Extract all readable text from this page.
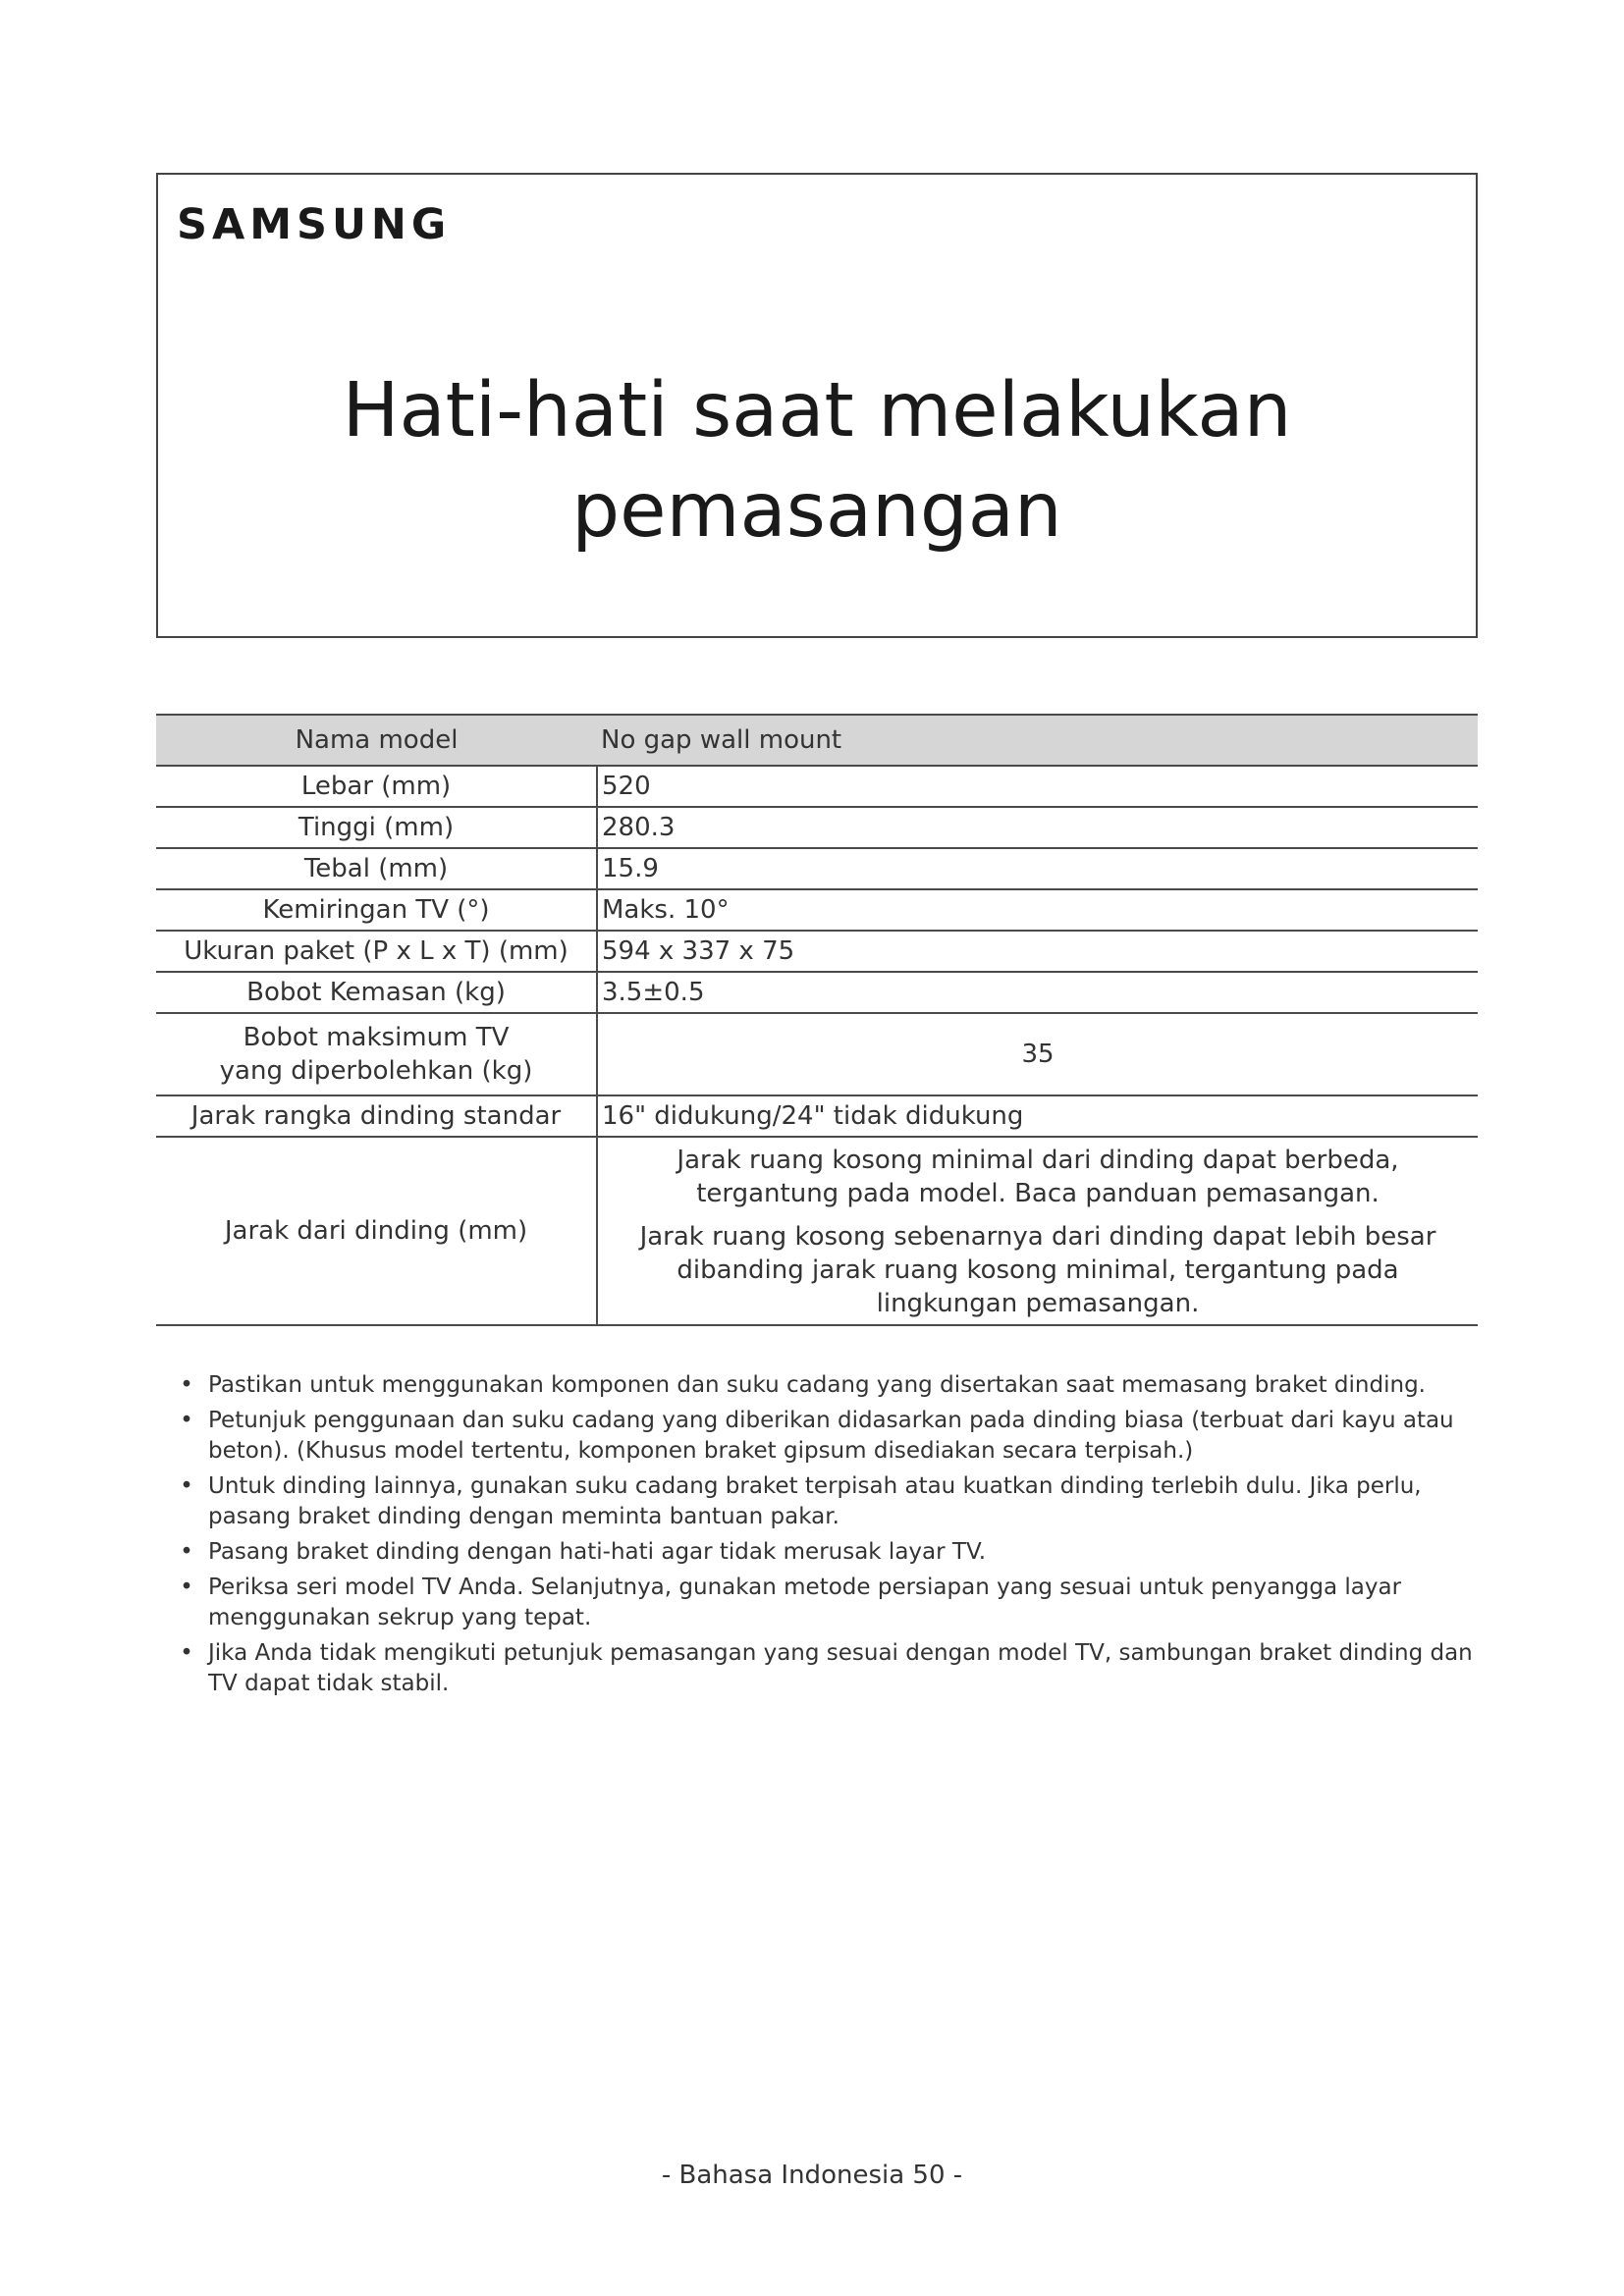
SAMSUNG
Hati-hati saat melakukan
pemasangan
Nama model	No gap wall mount
Lebar (mm)	520
Tinggi (mm)	280.3
Tebal (mm)	15.9
Kemiringan TV (°)	Maks. 10°
Ukuran paket (P x L x T) (mm)	594 x 337 x 75
Bobot Kemasan (kg)	3.5±0.5
Bobot maksimum TV yang diperbolehkan (kg)	35
Jarak rangka dinding standar	16" didukung/24" tidak didukung
Jarak dari dinding (mm)	Jarak ruang kosong minimal dari dinding dapat berbeda, tergantung pada model. Baca panduan pemasangan.

Jarak ruang kosong sebenarnya dari dinding dapat lebih besar dibanding jarak ruang kosong minimal, tergantung pada lingkungan pemasangan.

• Pastikan untuk menggunakan komponen dan suku cadang yang disertakan saat memasang braket dinding.
• Petunjuk penggunaan dan suku cadang yang diberikan didasarkan pada dinding biasa (terbuat dari kayu atau beton). (Khusus model tertentu, komponen braket gipsum disediakan secara terpisah.)
• Untuk dinding lainnya, gunakan suku cadang braket terpisah atau kuatkan dinding terlebih dulu. Jika perlu, pasang braket dinding dengan meminta bantuan pakar.
• Pasang braket dinding dengan hati-hati agar tidak merusak layar TV.
• Periksa seri model TV Anda. Selanjutnya, gunakan metode persiapan yang sesuai untuk penyangga layar menggunakan sekrup yang tepat.
• Jika Anda tidak mengikuti petunjuk pemasangan yang sesuai dengan model TV, sambungan braket dinding dan TV dapat tidak stabil.
- Bahasa Indonesia 50 -
